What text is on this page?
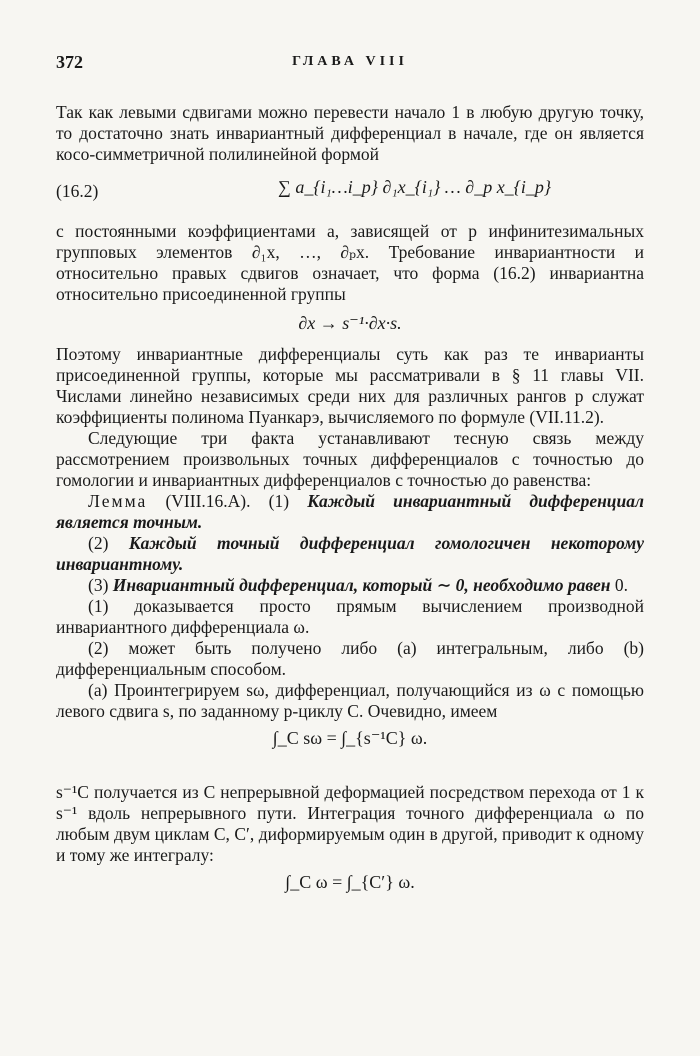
372	ГЛАВА VIII

Так как левыми сдвигами можно перевести начало 1 в любую другую точку, то достаточно знать инвариантный дифференциал в начале, где он является косо-симметричной полилинейной формой

(16.2)	∑ a_{i₁…i_p} ∂₁x_{i₁} … ∂_p x_{i_p}

с постоянными коэффициентами a, зависящей от p инфинитезимальных групповых элементов ∂₁x, …, ∂ₚx. Требование инвариантности и относительно правых сдвигов означает, что форма (16.2) инвариантна относительно присоединенной группы

∂x → s⁻¹·∂x·s.

Поэтому инвариантные дифференциалы суть как раз те инварианты присоединенной группы, которые мы рассматривали в § 11 главы VII. Числами линейно независимых среди них для различных рангов p служат коэффициенты полинома Пуанкарэ, вычисляемого по формуле (VII.11.2).

Следующие три факта устанавливают тесную связь между рассмотрением произвольных точных дифференциалов с точностью до гомологии и инвариантных дифференциалов с точностью до равенства:

Лемма (VIII.16.A). (1) Каждый инвариантный дифференциал является точным.

(2) Каждый точный дифференциал гомологичен некоторому инвариантному.

(3) Инвариантный дифференциал, который ∼ 0, необходимо равен 0.

(1) доказывается просто прямым вычислением производной инвариантного дифференциала ω.

(2) может быть получено либо (a) интегральным, либо (b) дифференциальным способом.

(a) Проинтегрируем sω, дифференциал, получающийся из ω с помощью левого сдвига s, по заданному p-циклу C. Очевидно, имеем

∫_C sω = ∫_{s⁻¹C} ω.

s⁻¹C получается из C непрерывной деформацией посредством перехода от 1 к s⁻¹ вдоль непрерывного пути. Интеграция точного дифференциала ω по любым двум циклам C, C′, диформируемым один в другой, приводит к одному и тому же интегралу:

∫_C ω = ∫_{C′} ω.
